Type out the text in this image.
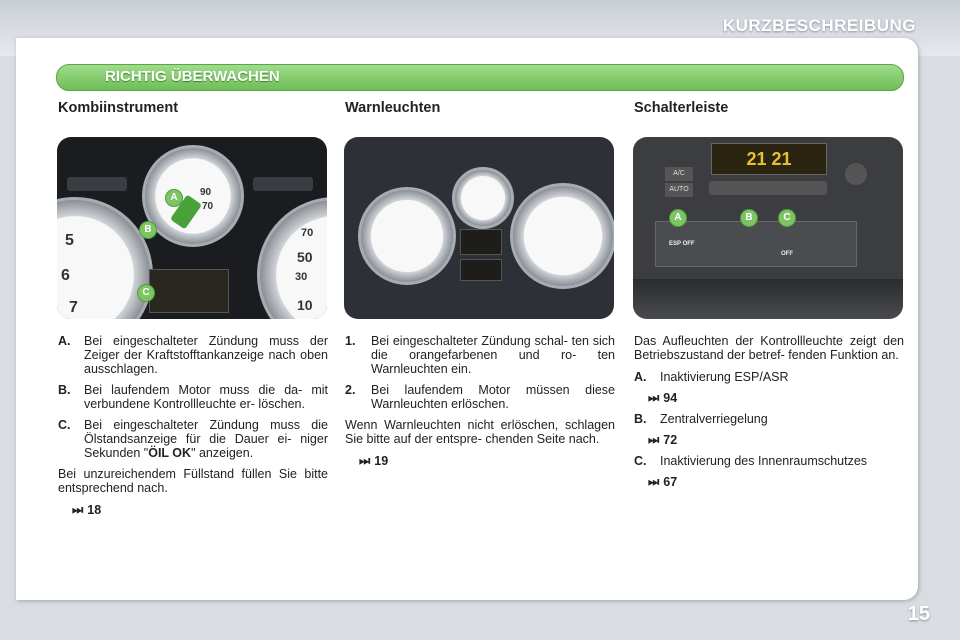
KURZBESCHREIBUNG
RICHTIG ÜBERWACHEN
Kombiinstrument
5
6
7
70
50
30
10
90
70
A
B
C
A.	Bei eingeschalteter Zündung muss der Zeiger der Kraftstofftankanzeige nach oben ausschlagen.
B.	Bei laufendem Motor muss die da- mit verbundene Kontrollleuchte er- löschen.
C.	Bei eingeschalteter Zündung muss die Ölstandsanzeige für die Dauer ei- niger Sekunden "ÖIL OK" anzeigen.

Bei unzureichendem Füllstand füllen Sie bitte entsprechend nach.

⏭ 18
Warnleuchten
1.	Bei eingeschalteter Zündung schal- ten sich die orangefarbenen und ro- ten Warnleuchten ein.
2.	Bei laufendem Motor müssen diese Warnleuchten erlöschen.

Wenn Warnleuchten nicht erlöschen, schlagen Sie bitte auf der entspre- chenden Seite nach.

⏭ 19
Schalterleiste
21 21
A/C
AUTO
ESP OFF
OFF
A	B	C

Das Aufleuchten der Kontrollleuchte zeigt den Betriebszustand der betref- fenden Funktion an.

A.	Inaktivierung ESP/ASR
⏭ 94
B.	Zentralverriegelung
⏭ 72
C.	Inaktivierung des Innenraumschutzes
⏭ 67
15
